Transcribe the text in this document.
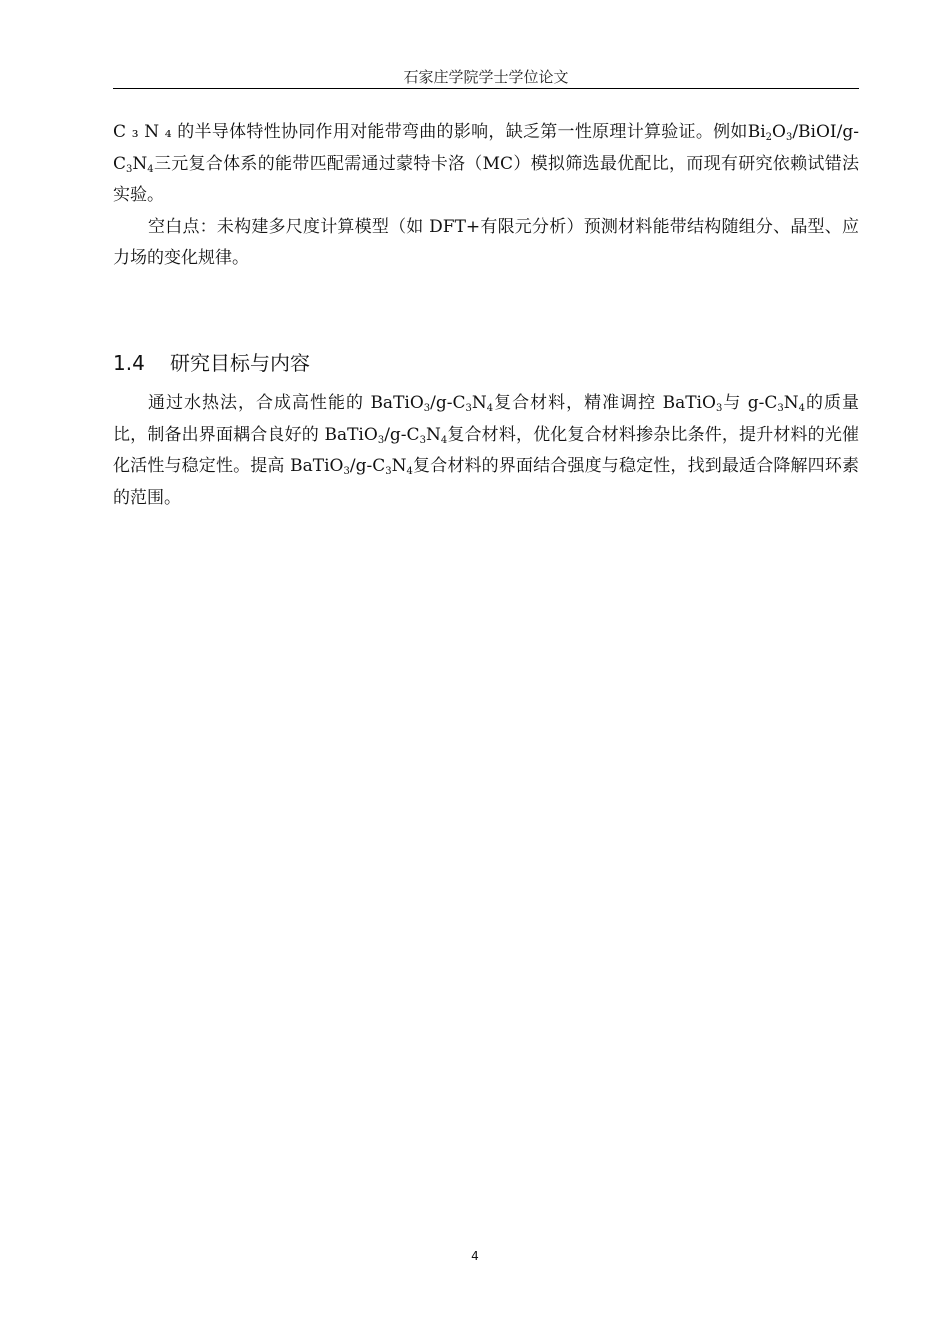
石家庄学院学士学位论文

C ₃ N ₄ 的半导体特性协同作用对能带弯曲的影响，缺乏第一性原理计算验证。例如$Bi_2O_3/BiOI/g-C_3N_4$三元复合体系的能带匹配需通过蒙特卡洛（MC）模拟筛选最优配比，而现有研究依赖试错法实验。

空白点：未构建多尺度计算模型（如 DFT+有限元分析）预测材料能带结构随组分、晶型、应力场的变化规律。

1.4 研究目标与内容

通过水热法，合成高性能的 $BaTiO_3/g-C_3N_4$复合材料，精准调控 BaTiO$_3$与 $g-C_3N_4$的质量比，制备出界面耦合良好的 $BaTiO_3/g-C_3N_4$复合材料，优化复合材料掺杂比条件，提升材料的光催化活性与稳定性。提高 $BaTiO_3/g-C_3N_4$复合材料的界面结合强度与稳定性，找到最适合降解四环素的范围。

4
